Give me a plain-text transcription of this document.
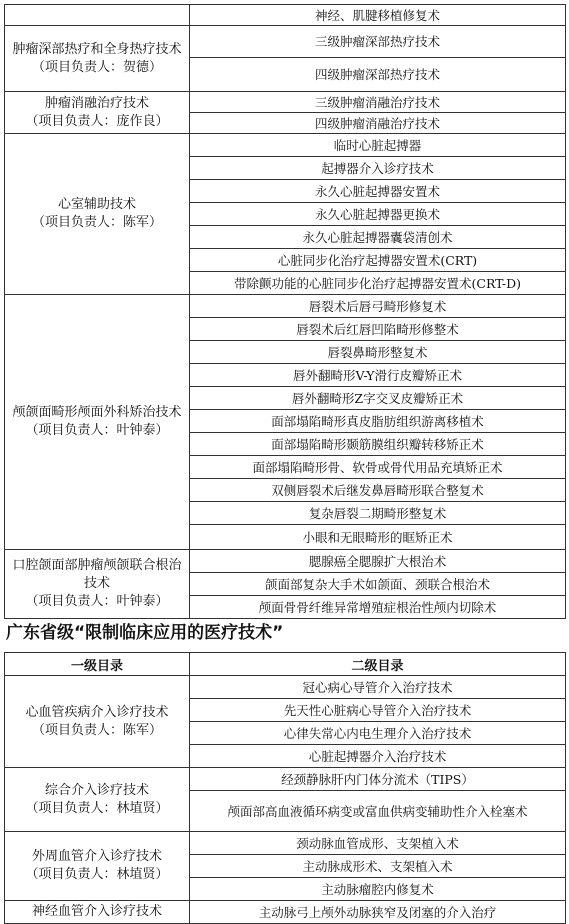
	神经、肌腱移植修复术
肿瘤深部热疗和全身热疗技术
（项目负责人：贺德）	三级肿瘤深部热疗技术
	四级肿瘤深部热疗技术
肿瘤消融治疗技术
（项目负责人：庞作良）	三级肿瘤消融治疗技术
	四级肿瘤消融治疗技术
心室辅助技术
（项目负责人：陈军）	临时心脏起搏器
	起搏器介入诊疗技术
	永久心脏起搏器安置术
	永久心脏起搏器更换术
	永久心脏起搏器囊袋清创术
	心脏同步化治疗起搏器安置术(CRT)
	带除颤功能的心脏同步化治疗起搏器安置术(CRT-D)
颅颌面畸形颅面外科矫治技术
（项目负责人：叶钟泰）	唇裂术后唇弓畸形修复术
	唇裂术后红唇凹陷畸形修整术
	唇裂鼻畸形整复术
	唇外翻畸形V-Y滑行皮瓣矫正术
	唇外翻畸形Z字交叉皮瓣矫正术
	面部塌陷畸形真皮脂肪组织游离移植术
	面部塌陷畸形颞筋膜组织瓣转移矫正术
	面部塌陷畸形骨、软骨或骨代用品充填矫正术
	双侧唇裂术后继发鼻唇畸形联合整复术
	复杂唇裂二期畸形整复术
	小眼和无眼畸形的眶矫正术
口腔颌面部肿瘤颅颌联合根治技术
（项目负责人：叶钟泰）	腮腺癌全腮腺扩大根治术
	颌面部复杂大手术如颌面、颈联合根治术
	颅面骨骨纤维异常增殖症根治性颅内切除术
广东省级“限制临床应用的医疗技术”
一级目录	二级目录
心血管疾病介入诊疗技术
（项目负责人：陈军）	冠心病心导管介入治疗技术
	先天性心脏病心导管介入治疗技术
	心律失常心内电生理介入治疗技术
	心脏起搏器介入治疗技术
综合介入诊疗技术
（项目负责人：林埴贤）	经颈静脉肝内门体分流术（TIPS）
	颅面部高血液循环病变或富血供病变辅助性介入栓塞术
外周血管介入诊疗技术
（项目负责人：林埴贤）	颈动脉血管成形、支架植入术
	主动脉成形术、支架植入术
	主动脉瘤腔内修复术
神经血管介入诊疗技术	主动脉弓上颅外动脉狭窄及闭塞的介入治疗
